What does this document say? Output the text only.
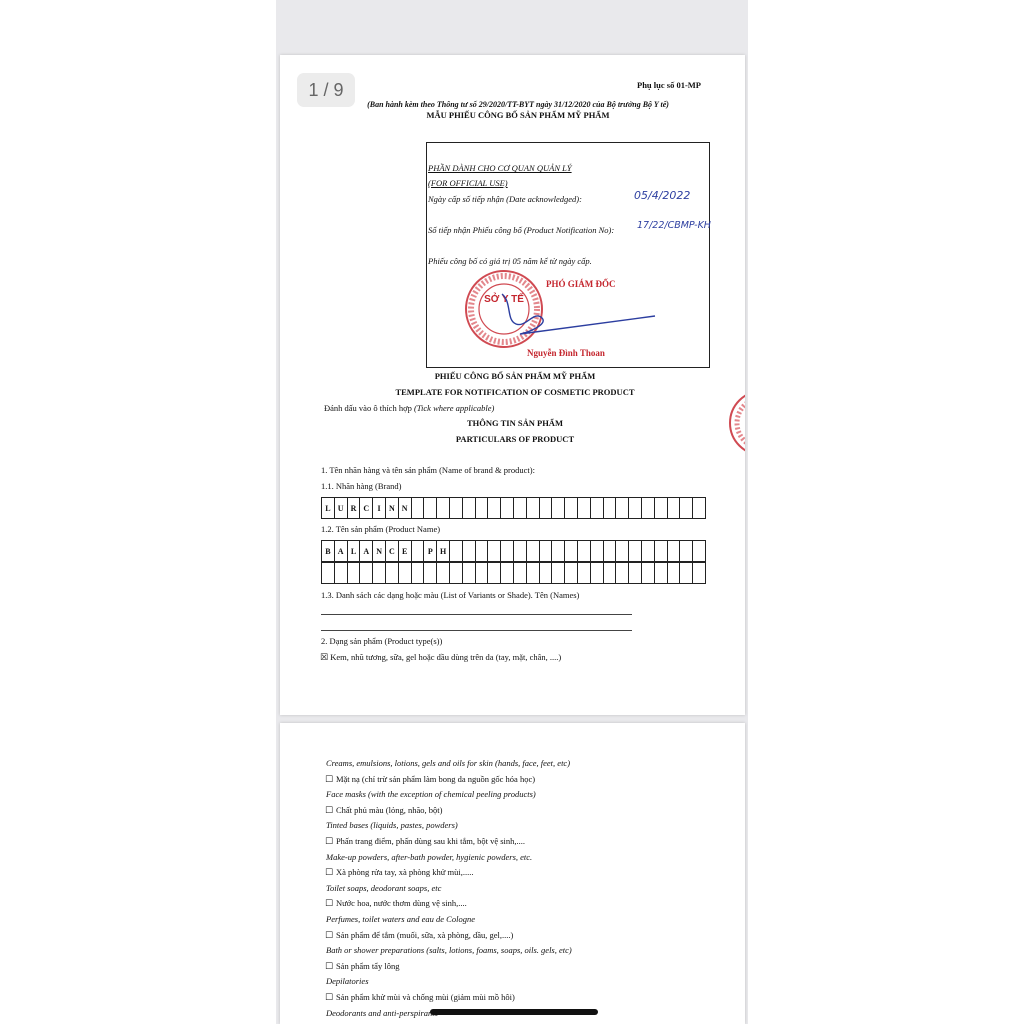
Phụ lục số 01-MP
(Ban hành kèm theo Thông tư số 29/2020/TT-BYT ngày 31/12/2020 của Bộ trưởng Bộ Y tế)
MẪU PHIẾU CÔNG BỐ SẢN PHẨM MỸ PHẨM
1 / 9
PHẦN DÀNH CHO CƠ QUAN QUẢN LÝ
(FOR OFFICIAL USE)
Ngày cấp số tiếp nhận (Date acknowledged):	05/4/2022
Số tiếp nhận Phiếu công bố (Product Notification No): 17/22/CBMP-KH
Phiếu công bố có giá trị 05 năm kể từ ngày cấp.
SỞ Y TẾ
PHÓ GIÁM ĐỐC
Nguyễn Đình Thoan
PHIẾU CÔNG BỐ SẢN PHẨM MỸ PHẨM
TEMPLATE FOR NOTIFICATION OF COSMETIC PRODUCT
Đánh dấu vào ô thích hợp (Tick where applicable)
THÔNG TIN SẢN PHẨM
PARTICULARS OF PRODUCT
1. Tên nhãn hàng và tên sản phẩm (Name of brand & product):
1.1. Nhãn hàng (Brand)
L U R C	I	N N
1.2. Tên sản phẩm (Product Name)
B A L A N C E	P H
1.3. Danh sách các dạng hoặc màu (List of Variants or Shade). Tên (Names)
2. Dạng sản phẩm (Product type(s))
☒ Kem, nhũ tương, sữa, gel hoặc dầu dùng trên da (tay, mặt, chân, ....)
Creams, emulsions, lotions, gels and oils for skin (hands, face, feet, etc)
☐ Mặt nạ (chỉ trừ sản phẩm làm bong da nguồn gốc hóa học)
Face masks (with the exception of chemical peeling products)
☐ Chất phủ màu (lỏng, nhão, bột)
Tinted bases (liquids, pastes, powders)
☐ Phấn trang điểm, phấn dùng sau khi tắm, bột vệ sinh,....
Make-up powders, after-bath powder, hygienic powders, etc.
☐ Xà phòng rửa tay, xà phòng khử mùi,.....
Toilet soaps, deodorant soaps, etc
☐ Nước hoa, nước thơm dùng vệ sinh,....
Perfumes, toilet waters and eau de Cologne
☐ Sản phẩm để tắm (muối, sữa, xà phòng, dầu, gel,....)
Bath or shower preparations (salts, lotions, foams, soaps, oils. gels, etc)
☐ Sản phẩm tẩy lông
Depilatories
☐ Sản phẩm khử mùi và chống mùi (giảm mùi mồ hôi)
Deodorants and anti-perspirants
